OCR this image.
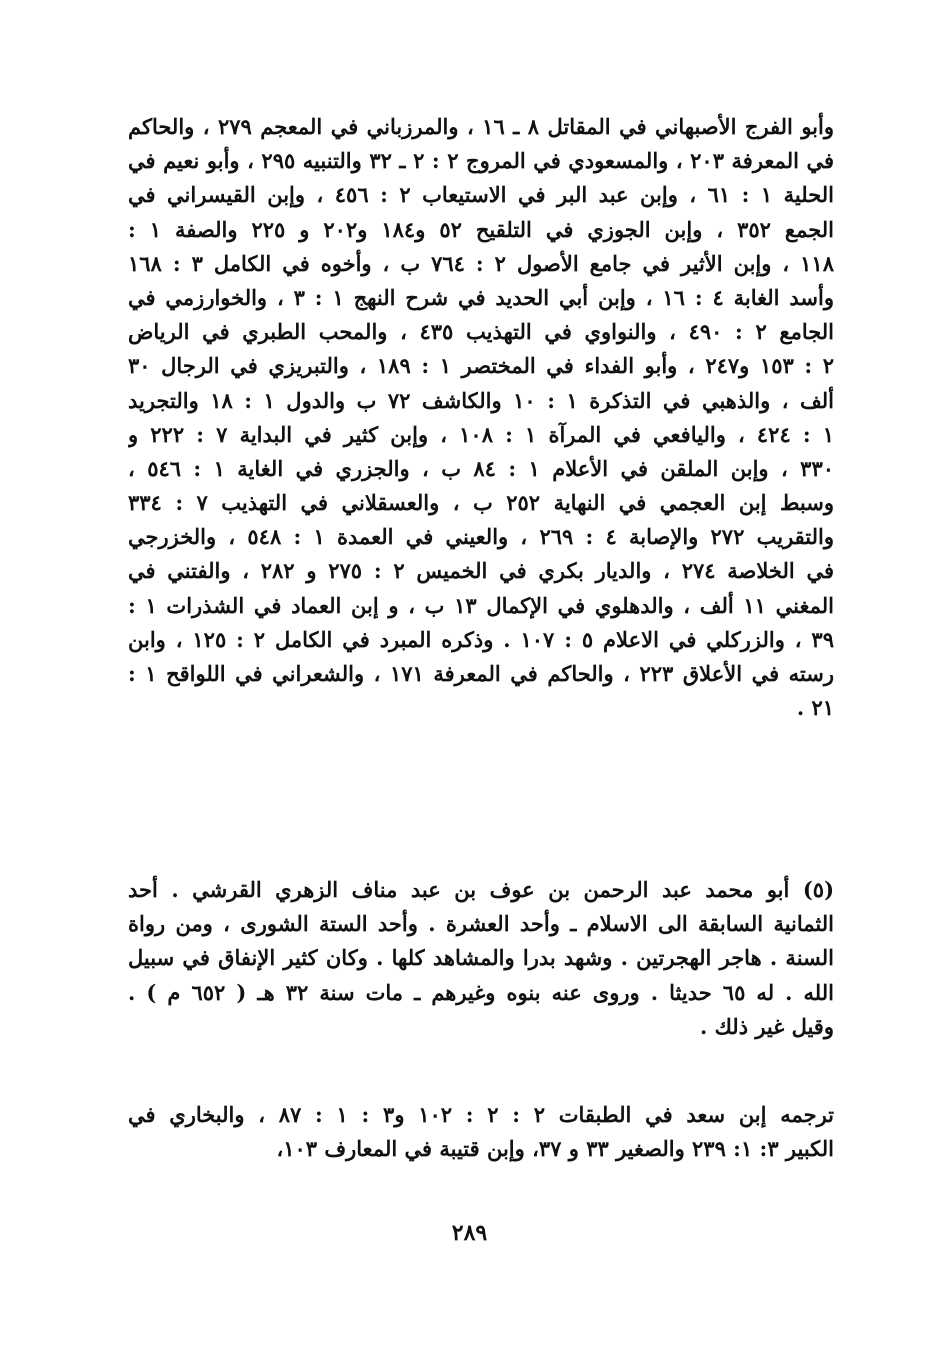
وأبو الفرج الأصبهاني في المقاتل ٨ ـ ١٦ ، والمرزباني في المعجم ٢٧٩ ، والحاكم
في المعرفة ٢٠٣ ، والمسعودي في المروج ٢ : ٢ ـ ٣٢ والتنبيه ٢٩٥ ، وأبو نعيم في
الحلية ١ : ٦١ ، وإبن عبد البر في الاستيعاب ٢ : ٤٥٦ ، وإبن القيسراني في
الجمع ٣٥٢ ، وإبن الجوزي في التلقيح ٥٢ و١٨٤ و٢٠٢ و ٢٢٥ والصفة ١ :
١١٨ ، وإبن الأثير في جامع الأصول ٢ : ٧٦٤ ب ، وأخوه في الكامل ٣ : ١٦٨
وأسد الغابة ٤ : ١٦ ، وإبن أبي الحديد في شرح النهج ١ : ٣ ، والخوارزمي في
الجامع ٢ : ٤٩٠ ، والنواوي في التهذيب ٤٣٥ ، والمحب الطبري في الرياض
٢ : ١٥٣ و٢٤٧ ، وأبو الفداء في المختصر ١ : ١٨٩ ، والتبريزي في الرجال ٣٠
ألف ، والذهبي في التذكرة ١ : ١٠ والكاشف ٧٢ ب والدول ١ : ١٨ والتجريد
١ : ٤٢٤ ، واليافعي في المرآة ١ : ١٠٨ ، وإبن كثير في البداية ٧ : ٢٢٢ و
٣٣٠ ، وإبن الملقن في الأعلام ١ : ٨٤ ب ، والجزري في الغاية ١ : ٥٤٦ ،
وسبط إبن العجمي في النهاية ٢٥٢ ب ، والعسقلاني في التهذيب ٧ : ٣٣٤
والتقريب ٢٧٢ والإصابة ٤ : ٢٦٩ ، والعيني في العمدة ١ : ٥٤٨ ، والخزرجي
في الخلاصة ٢٧٤ ، والديار بكري في الخميس ٢ : ٢٧٥ و ٢٨٢ ، والفتني في
المغني ١١ ألف ، والدهلوي في الإكمال ١٣ ب ، و إبن العماد في الشذرات ١ :
٣٩ ، والزركلي في الاعلام ٥ : ١٠٧ . وذكره المبرد في الكامل ٢ : ١٢٥ ، وابن
رسته في الأعلاق ٢٢٣ ، والحاكم في المعرفة ١٧١ ، والشعراني في اللواقح ١ :
٢١ .
(٥) أبو محمد عبد الرحمن بن عوف بن عبد مناف الزهري القرشي . أحد
الثمانية السابقة الى الاسلام ـ وأحد العشرة . وأحد الستة الشورى ، ومن رواة
السنة . هاجر الهجرتين . وشهد بدرا والمشاهد كلها . وكان كثير الإنفاق في سبيل
الله . له ٦٥ حديثا . وروى عنه بنوه وغيرهم ـ مات سنة ٣٢ هـ ( ٦٥٢ م ) .
وقيل غير ذلك .
ترجمه إبن سعد في الطبقات ٢ : ٢ : ١٠٢ و٣ : ١ : ٨٧ ، والبخاري في
الكبير ٣: ١: ٢٣٩ والصغير ٣٣ و ٣٧، وإبن قتيبة في المعارف ١٠٣،
٢٨٩
